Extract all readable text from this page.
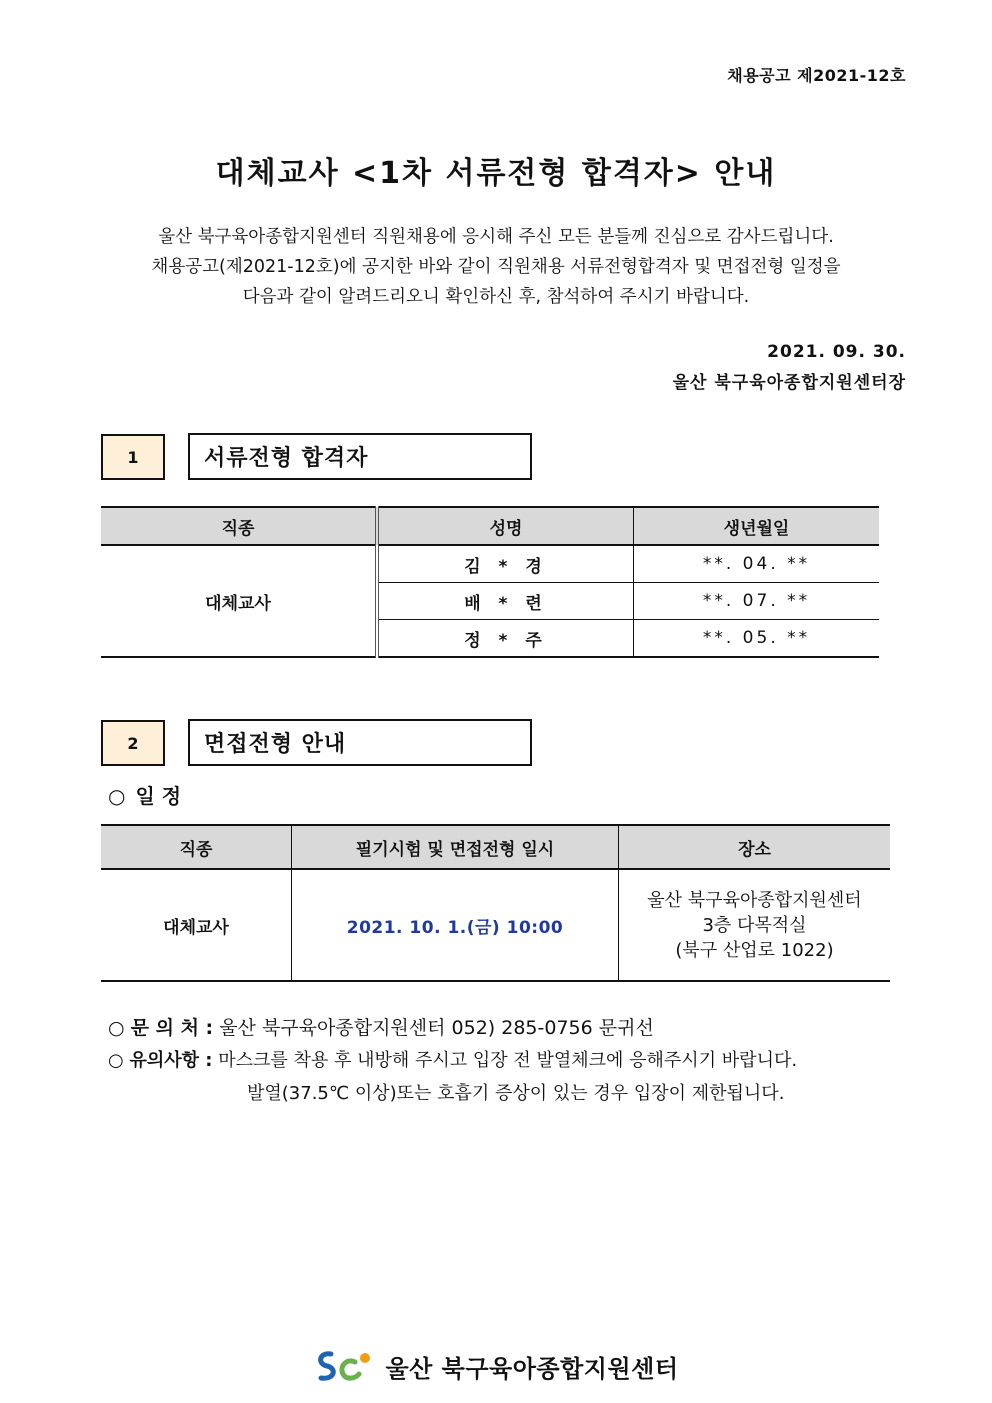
채용공고 제2021-12호
대체교사 <1차 서류전형 합격자> 안내
울산 북구육아종합지원센터 직원채용에 응시해 주신 모든 분들께 진심으로 감사드립니다.
채용공고(제2021-12호)에 공지한 바와 같이 직원채용 서류전형합격자 및 면접전형 일정을
다음과 같이 알려드리오니 확인하신 후, 참석하여 주시기 바랍니다.
2021. 09. 30.
울산 북구육아종합지원센터장
1	서류전형 합격자
직종	성명	생년월일
대체교사	김 * 경	**. 04. **
	배 * 련	**. 07. **
	정 * 주	**. 05. **
2	면접전형 안내
○ 일 정
직종	필기시험 및 면접전형 일시	장소
대체교사	2021. 10. 1.(금) 10:00	울산 북구육아종합지원센터
3층 다목적실
(북구 산업로 1022)
○ 문 의 처 : 울산 북구육아종합지원센터 052) 285-0756 문귀선
○ 유의사항 : 마스크를 착용 후 내방해 주시고 입장 전 발열체크에 응해주시기 바랍니다.
발열(37.5℃ 이상)또는 호흡기 증상이 있는 경우 입장이 제한됩니다.
울산 북구육아종합지원센터
